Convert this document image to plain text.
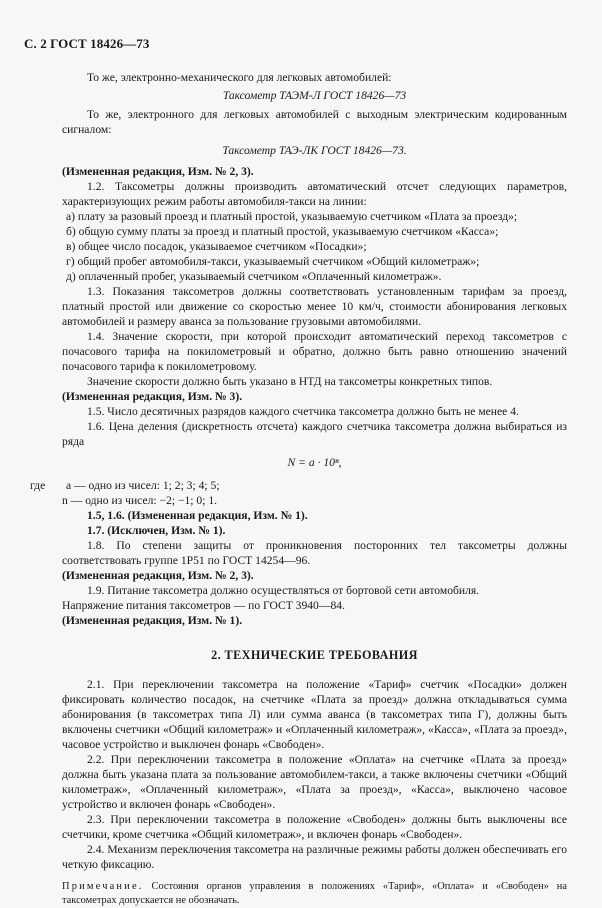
С. 2 ГОСТ 18426—73

То же, электронно-механического для легковых автомобилей:

Таксометр ТАЭМ-Л ГОСТ 18426—73

То же, электронного для легковых автомобилей с выходным электрическим кодированным сигналом:

Таксометр ТАЭ-ЛК ГОСТ 18426—73.

(Измененная редакция, Изм. № 2, 3).

1.2. Таксометры должны производить автоматический отсчет следующих параметров, характеризующих режим работы автомобиля-такси на линии:

а) плату за разовый проезд и платный простой, указываемую счетчиком «Плата за проезд»;

б) общую сумму платы за проезд и платный простой, указываемую счетчиком «Касса»;

в) общее число посадок, указываемое счетчиком «Посадки»;

г) общий пробег автомобиля-такси, указываемый счетчиком «Общий километраж»;

д) оплаченный пробег, указываемый счетчиком «Оплаченный километраж».

1.3. Показания таксометров должны соответствовать установленным тарифам за проезд, платный простой или движение со скоростью менее 10 км/ч, стоимости абонирования легковых автомобилей и размеру аванса за пользование грузовыми автомобилями.

1.4. Значение скорости, при которой происходит автоматический переход таксометров с почасового тарифа на покилометровый и обратно, должно быть равно отношению значений почасового тарифа к покилометровому.

Значение скорости должно быть указано в НТД на таксометры конкретных типов.

(Измененная редакция, Изм. № 3).

1.5. Число десятичных разрядов каждого счетчика таксометра должно быть не менее 4.

1.6. Цена деления (дискретность отсчета) каждого счетчика таксометра должна выбираться из ряда

N = a · 10ⁿ,

где	a — одно из чисел: 1; 2; 3; 4; 5;

n — одно из чисел: −2; −1; 0; 1.

1.5, 1.6. (Измененная редакция, Изм. № 1).

1.7. (Исключен, Изм. № 1).

1.8. По степени защиты от проникновения посторонних тел таксометры должны соответствовать группе 1Р51 по ГОСТ 14254—96.

(Измененная редакция, Изм. № 2, 3).

1.9. Питание таксометра должно осуществляться от бортовой сети автомобиля.

Напряжение питания таксометров — по ГОСТ 3940—84.

(Измененная редакция, Изм. № 1).

2. ТЕХНИЧЕСКИЕ ТРЕБОВАНИЯ

2.1. При переключении таксометра на положение «Тариф» счетчик «Посадки» должен фиксировать количество посадок, на счетчике «Плата за проезд» должна откладываться сумма абонирования (в таксометрах типа Л) или сумма аванса (в таксометрах типа Г), должны быть включены счетчики «Общий километраж» и «Оплаченный километраж», «Касса», «Плата за проезд», часовое устройство и выключен фонарь «Свободен».

2.2. При переключении таксометра в положение «Оплата» на счетчике «Плата за проезд» должна быть указана плата за пользование автомобилем-такси, а также включены счетчики «Общий километраж», «Оплаченный километраж», «Плата за проезд», «Касса», выключено часовое устройство и включен фонарь «Свободен».

2.3. При переключении таксометра в положение «Свободен» должны быть выключены все счетчики, кроме счетчика «Общий километраж», и включен фонарь «Свободен».

2.4. Механизм переключения таксометра на различные режимы работы должен обеспечивать его четкую фиксацию.

Примечание. Состояния органов управления в положениях «Тариф», «Оплата» и «Свободен» на таксометрах допускается не обозначать.
